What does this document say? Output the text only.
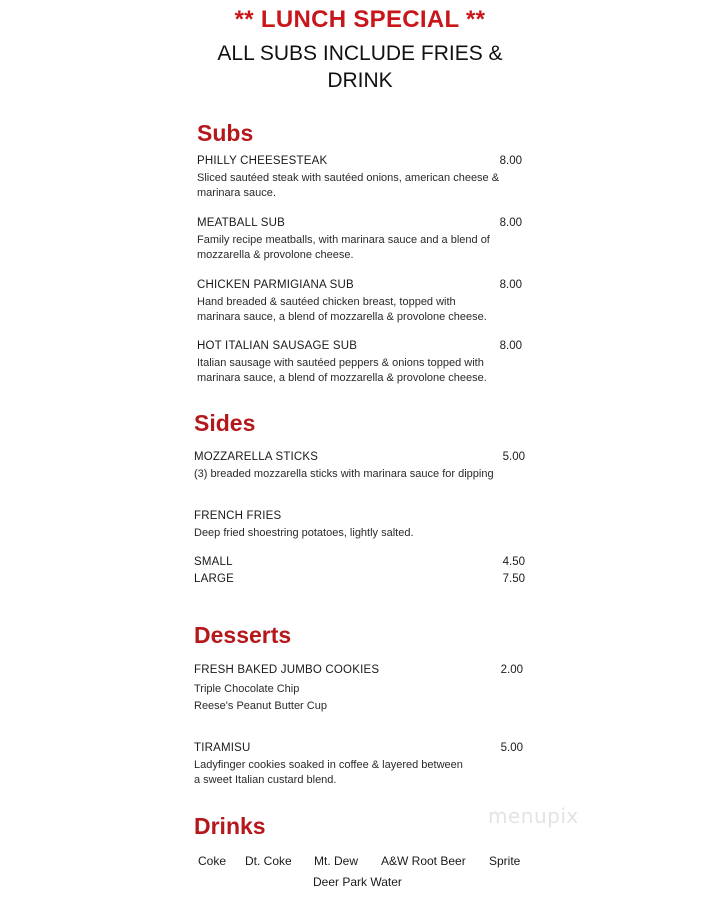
** LUNCH SPECIAL **
ALL SUBS INCLUDE FRIES &
DRINK
Subs
PHILLY CHEESESTEAK	8.00
Sliced sautéed steak with sautéed onions, american cheese &
marinara sauce.
MEATBALL SUB	8.00
Family recipe meatballs, with marinara sauce and a blend of
mozzarella & provolone cheese.
CHICKEN PARMIGIANA SUB	8.00
Hand breaded & sautéed chicken breast, topped with
marinara sauce, a blend of mozzarella & provolone cheese.
HOT ITALIAN SAUSAGE SUB	8.00
Italian sausage with sautéed peppers & onions topped with
marinara sauce, a blend of mozzarella & provolone cheese.
Sides
MOZZARELLA STICKS	5.00
(3) breaded mozzarella sticks with marinara sauce for dipping
FRENCH FRIES
Deep fried shoestring potatoes, lightly salted.
SMALL	4.50
LARGE	7.50
Desserts
FRESH BAKED JUMBO COOKIES	2.00
Triple Chocolate Chip
Reese's Peanut Butter Cup
TIRAMISU	5.00
Ladyfinger cookies soaked in coffee & layered between
a sweet Italian custard blend.
menupix
Drinks
Coke Dt. Coke Mt. Dew A&W Root Beer Sprite
Deer Park Water
